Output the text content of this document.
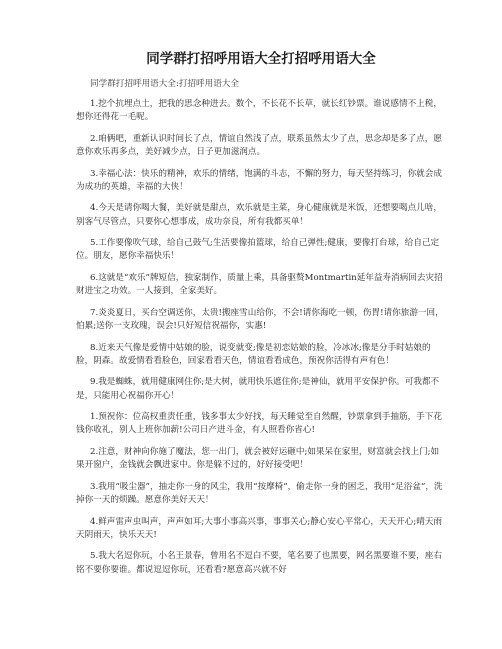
同学群打招呼用语大全打招呼用语大全

同学群打招呼用语大全:打招呼用语大全

1.挖个抗埋点土，把我的思念种进去。数个，不长花不长草，就长红钞票。谁说感情不上税，想你还得花一毛呢。

2.咱俩吧，重新认识时间长了点，情谊自然浅了点，联系虽然太少了点，思念却是多了点，愿意你欢乐再多点，美好减少点，日子更加滋润点。

3.幸福心法：快乐的精神，欢乐的情绪，饱满的斗志，不懈的努力，每天坚持练习，你就会成为成功的英雄，幸福的大侠！

4.今天是请你喝大餐，美好就是甜点，欢乐就是主菜，身心健康就是米饭，还想要喝点儿啥，别客气尽管点，只要你心想事成，成功奈良，所有我都买单！

5.工作要像吹气球，给自己鼓气;生活要像拍篮球，给自己弹性;健康，要像打台球，给自己定位。朋友，愿你幸福快乐！

6.这就是“欢乐”牌短信，独家制作，质量上乘，具备驱赘Montmartin延年益寿消病回去灾招财进宝之功效。一人接到，全家美好。

7.炎炎夏日，买台空调送你，太贵!搬座雪山给你，不会!请你海吃一顿，伤胃!请你旅游一回，怕累;送你一支玫瑰，误会!只好短信祝福你，实惠!

8.近来天气像是爱情中姑娘的脸，说变就变;像是初恋姑娘的脸，冷冰冰;像是分手时姑娘的脸，阴森。故爱情看看脸色，回家看看天色，情谊看看成色，预祝你活得有声有色！

9.我是蜘蛛，就用健康网住你;是大树，就用快乐遮住你;是神仙，就用平安保护你。可我都不是，只能用心祝福你开心！

1.预祝你：位高权重责任重，钱多事太少好找，每天睡觉至自然醒，钞票拿到手抽筋，手下花钱你收礼，别人上班你加薪!公司日产进斗金，有人照看你省心!

2.注意，财神向你施了魔法，您一出门，就会被好运砸中;如果呆在家里，财富就会找上门;如果开窗户，金钱就会飘进家中。你是躲不过的，好好接受吧！

3.我用“吸尘器”，抽走你一身的风尘，我用“按摩椅”，偷走你一身的困乏，我用“足浴盆”，洗掉你一天的烦躁。愿意你美好天天！

4.鲜声雷声虫叫声，声声如耳;大事小事高兴事，事事关心;静心安心平常心，天天开心;晴天雨天阴雨天，快乐天天!

5.我大名逗你玩，小名王景春，曾用名不逗白不要，笔名要了也黑要，网名黑要谁不要，座右铭不要你要谁。都说逗逗你玩，还看看?愿意高兴就不好
